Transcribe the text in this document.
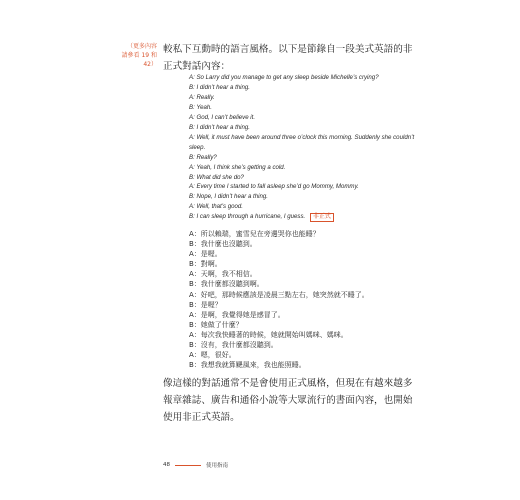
（更多內容
請參看 19 和
42）
較私下互動時的語言風格。以下是節錄自一段美式英語的非正式對話內容：
A: So Larry did you manage to get any sleep beside Michelle’s crying?
B: I didn’t hear a thing.
A: Really.
B: Yeah.
A: God, I can’t believe it.
B: I didn’t hear a thing.
A: Well, it must have been around three o’clock this morning. Suddenly she couldn’t sleep.
B: Really?
A: Yeah, I think she’s getting a cold.
B: What did she do?
A: Every time I started to fall asleep she’d go Mommy, Mommy.
B: Nope, I didn’t hear a thing.
A: Well, that’s good.
B: I can sleep through a hurricane, I guess. 非正式
A：所以賴瑞，蜜雪兒在旁邊哭你也能睡？
B：我什麼也沒聽到。
A：是喔。
B：對啊。
A：天啊，我不相信。
B：我什麼都沒聽到啊。
A：好吧，那時候應該是凌晨三點左右，她突然就不睡了。
B：是喔？
A：是啊，我覺得她是感冒了。
B：她做了什麼？
A：每次我快睡著的時候，她就開始叫媽咪、媽咪。
B：沒有，我什麼都沒聽到。
A：嗯，很好。
B：我想我就算颶風來，我也能照睡。
像這樣的對話通常不是會使用正式風格，但現在有越來越多報章雜誌、廣告和通俗小說等大眾流行的書面內容，也開始使用非正式英語。
48	使用指南
